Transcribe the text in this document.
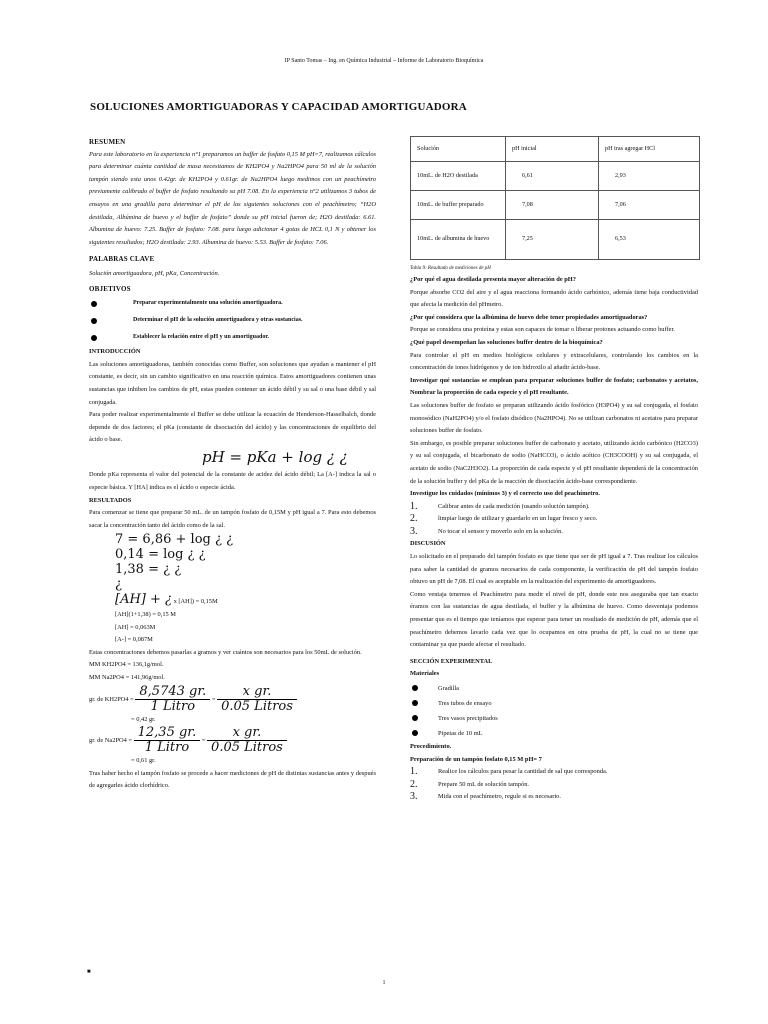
IP Santo Tomas – Ing. en Química Industrial – Informe de Laboratorio Bioquímica
SOLUCIONES AMORTIGUADORAS Y CAPACIDAD AMORTIGUADORA

RESUMEN

Para este laboratorio en la experiencia n°1 preparamos un buffer de fosfato 0,15 M pH=7, realizamos cálculos para determinar cuánta cantidad de masa necesitamos de KH2PO4 y Na2HPO4 para 50 ml de la solución tampón siendo esta unos 0.42gr. de KH2PO4 y 0.61gr. de Na2HPO4 luego medimos con un peachímetro previamente calibrado el buffer de fosfato resultando su pH 7.08. En la experiencia n°2 utilizamos 3 tubos de ensayos en una gradilla para determinar el pH de las siguientes soluciones con el peachímetro; “H2O destilada, Albúmina de huevo y el buffer de fosfato” donde su pH inicial fueron de; H2O destilada: 6.61. Albumina de huevo: 7.25. Buffer de fosfato: 7.08. para luego adicionar 4 gotas de HCL 0,1 N y obtener los siguientes resultados; H2O destilada: 2.93. Albumina de huevo: 5.53. Buffer de fosfato: 7.06.

PALABRAS CLAVE

Solución amortiguadora, pH, pKa, Concentración.

OBJETIVOS

Preparar experimentalmente una solución amortiguadora.

Determinar el pH de la solución amortiguadora y otras sustancias.

Establecer la relación entre el pH y un amortiguador.

INTRODUCCIÓN

Las soluciones amortiguadoras, también conocidas como Buffer, son soluciones que ayudan a mantener el pH constante, es decir, sin un cambio significativo en una reacción química. Estos amortiguadores contienen unas sustancias que inhiben los cambios de pH, estas pueden contener un ácido débil y su sal o una base débil y sal conjugada.

Para poder realizar experimentalmente el Buffer se debe utilizar la ecuación de Henderson-Hasselbalch, donde depende de dos factores; el pKa (constante de disociación del ácido) y las concentraciones de equilibrio del ácido o base.

pH = pKa + log ¿ ¿

Donde pKa representa el valor del potencial de la constante de acidez del ácido débil; La [A-] indica la sal o especie básica. Y [HA] indica es el ácido o especie ácida.

RESULTADOS

Para comenzar se tiene que preparar 50 mL. de un tampón fosfato de 0,15M y pH igual a 7. Para esto debemos sacar la concentración tanto del ácido como de la sal.

7 = 6,86 + log ¿ ¿

0,14 = log ¿ ¿

1,38 = ¿ ¿

¿

[AH] + ¿ x [AH]) = 0,15M

[AH](1+1,38) = 0,15 M

[AH] = 0,063M

[A-] = 0,087M

Estas concentraciones debemos pasarlas a gramos y ver cuántos son necesarios para los 50mL de solución.

MM KH2PO4 = 136,1g/mol.

MM Na2PO4 = 141,96g/mol.

gr. de $KH2PO4 = \frac{8,5743 gr.}{\text{1 Litro}} = \frac{\text{x gr.}}{\text{0.05 Litros}}$

= 0,42 gr.

gr. de $Na2PO4 = \frac{12,35 gr.}{\text{1 Litro}} = \frac{\text{x gr.}}{\text{0.05 Litros}}$

= 0,61 gr.

Tras haber hecho el tampón fosfato se procede a hacer mediciones de pH de distintas sustancias antes y después de agregarles ácido clorhídrico.

Solución	pH inicial	pH tras agregar HCl
10mL. de H2O destilada	6,61	2,93
10mL. de buffer preparado	7,08	7,06
10mL. de albumina de huevo	7,25	6,53

Tabla 9: Resultado de mediciones de pH

¿Por qué el agua destilada presenta mayor alteración de pH?

Porque absorbe CO2 del aire y el agua reacciona formando ácido carbónico, además tiene baja conductividad que afecta la medición del pHmetro.

¿Por qué considera que la albúmina de huevo debe tener propiedades amortiguadoras?

Porque se considera una proteína y estas son capaces de tomar o liberar protones actuando como buffer.

¿Qué papel desempeñan las soluciones buffer dentro de la bioquímica?

Para controlar el pH en medios biológicos celulares y extracelulares, controlando los cambios en la concentración de iones hidrógenos y de ion hidroxilo al añadir ácido-base.

Investigar qué sustancias se emplean para preparar soluciones buffer de fosfato; carbonatos y acetatos, Nombrar la proporción de cada especie y el pH resultante.

Las soluciones buffer de fosfato se preparan utilizando ácido fosfórico (H3PO4) y su sal conjugada, el fosfato monosódico (NaH2PO4) y/o el fosfato disódico (Na2HPO4). No se utilizan carbonatos ni acetatos para preparar soluciones buffer de fosfato.

Sin embargo, es posible preparar soluciones buffer de carbonato y acetato, utilizando ácido carbónico (H2CO3) y su sal conjugada, el bicarbonato de sodio (NaHCO3), o ácido acético (CH3COOH) y su sal conjugada, el acetato de sodio (NaC2H3O2). La proporción de cada especie y el pH resultante dependerá de la concentración de la solución buffer y del pKa de la reacción de disociación ácido-base correspondiente.

Investigue los cuidados (mínimos 3) y el correcto uso del peachímetro.

1.	Calibrar antes de cada medición (usando solución tampón).

2.	limpiar luego de utilizar y guardarlo en un lugar fresco y seco.

3.	No tocar el sensor y moverlo solo en la solución.

DISCUSIÓN

Lo solicitado en el preparado del tampón fosfato es que tiene que ser de pH igual a 7. Tras realizar los cálculos para saber la cantidad de gramos necesarios de cada componente, la verificación de pH del tampón fosfato obtuvo un pH de 7,08. El cual es aceptable en la realización del experimento de amortiguadores.

Como ventaja tenemos el Peachímetro para medir el nivel de pH, donde este nos aseguraba que tan exacto éramos con las sustancias de agua destilada, el buffer y la albúmina de huevo. Como desventaja podemos presentar que es el tiempo que teníamos que esperar para tener un resultado de medición de pH, además que el peachímetro debemos lavarlo cada vez que lo ocupamos en otra prueba de pH, la cual no se tiene que contaminar ya que puede afectar el resultado.

SECCIÓN EXPERIMENTAL

Materiales

Gradilla

Tres tubos de ensayo

Tres vasos precipitados

Pipetas de 10 mL

Procedimiento.

Preparación de un tampón fosfato 0,15 M pH= 7

1.	Realice los cálculos para pesar la cantidad de sal que corresponda.

2.	Prepare 50 mL de solución tampón.

3.	Mida con el peachímetro, regule si es necesario.

■
1
